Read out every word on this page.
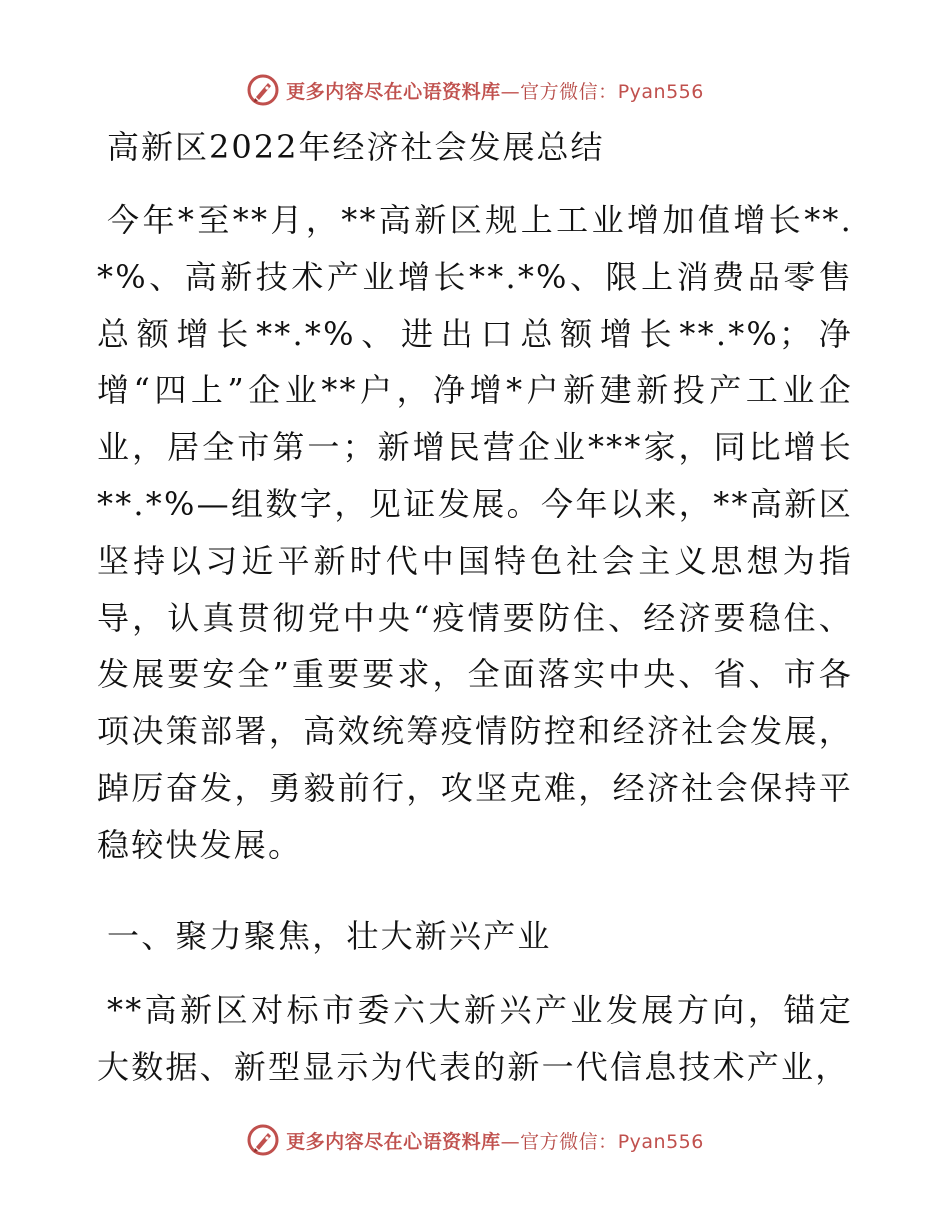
更多内容尽在心语资料库—官方微信：Pyan556
高新区2022年经济社会发展总结

今年*至**月，**高新区规上工业增加值增长**.*%、高新技术产业增长**.*%、限上消费品零售总额增长**.*%、进出口总额增长**.*%；净增“四上”企业**户，净增*户新建新投产工业企业，居全市第一；新增民营企业***家，同比增长**.*%—组数字，见证发展。今年以来，**高新区坚持以习近平新时代中国特色社会主义思想为指导，认真贯彻党中央“疫情要防住、经济要稳住、发展要安全”重要要求，全面落实中央、省、市各项决策部署，高效统筹疫情防控和经济社会发展，踔厉奋发，勇毅前行，攻坚克难，经济社会保持平稳较快发展。

一、聚力聚焦，壮大新兴产业

**高新区对标市委六大新兴产业发展方向，锚定大数据、新型显示为代表的新一代信息技术产业，

更多内容尽在心语资料库—官方微信：Pyan556
